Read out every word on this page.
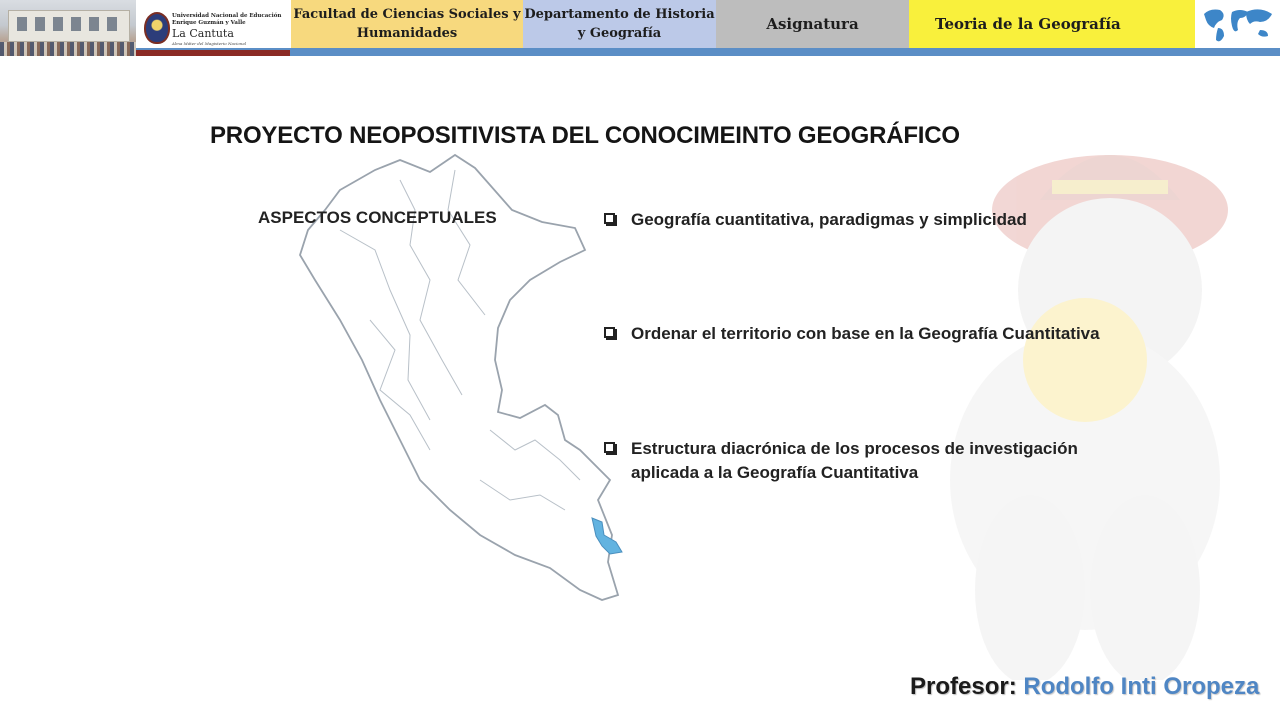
Universidad Nacional de Educación
Enrique Guzmán y Valle
La Cantuta
Alma Máter del Magisterio Nacional
Facultad de Ciencias Sociales y Humanidades
Departamento de Historia y Geografía
Asignatura	Teoria de la Geografía
PROYECTO NEOPOSITIVISTA DEL CONOCIMEINTO GEOGRÁFICO
ASPECTOS CONCEPTUALES	Geografía cuantitativa, paradigmas y simplicidad
Ordenar el territorio con base en la Geografía Cuantitativa
Estructura diacrónica de los procesos de investigación aplicada a la Geografía Cuantitativa
Profesor: Rodolfo Inti Oropeza
